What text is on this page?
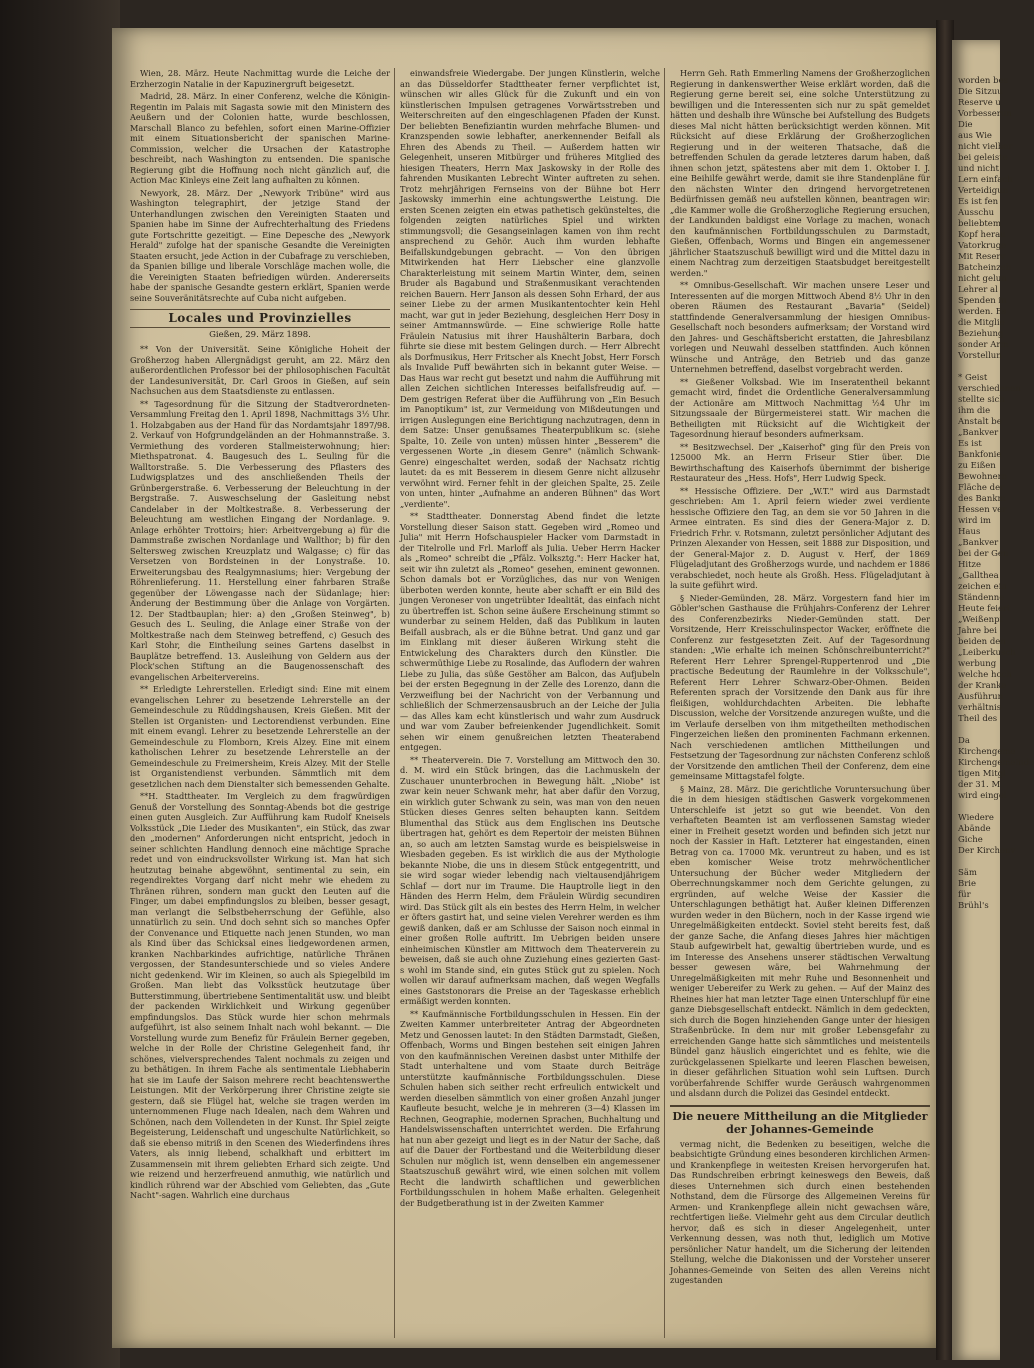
Wien, 28. März. Heute Nachmittag wurde die Leiche der Erzherzogin Natalie in der Kapuzinergruft beigesetzt.

Madrid, 28. März. In einer Conferenz, welche die Königin-Regentin im Palais mit Sagasta sowie mit den Ministern des Aeußern und der Colonien hatte, wurde beschlossen, Marschall Blanco zu befehlen, sofort einen Marine-Offizier mit einem Situationsbericht der spanischen Marine-Commission, welcher die Ursachen der Katastrophe beschreibt, nach Washington zu entsenden. Die spanische Regierung gibt die Hoffnung noch nicht gänzlich auf, die Action Mac Kinleys eine Zeit lang aufhalten zu können.

Newyork, 28. März. Der „Newyork Tribüne" wird aus Washington telegraphirt, der jetzige Stand der Unterhandlungen zwischen den Vereinigten Staaten und Spanien habe im Sinne der Aufrechterhaltung des Friedens gute Fortschritte gezeitigt. — Eine Depesche des „Newyork Herald" zufolge hat der spanische Gesandte die Vereinigten Staaten ersucht, jede Action in der Cubafrage zu verschieben, da Spanien billige und liberale Vorschläge machen wolle, die die Vereinigten Staaten befriedigen würden. Andererseits habe der spanische Gesandte gestern erklärt, Spanien werde seine Souveränitätsrechte auf Cuba nicht aufgeben.

Locales und Provinzielles
Gießen, 29. März 1898.

** Von der Universität. Seine Königliche Hoheit der Großherzog haben Allergnädigst geruht, am 22. März den außerordentlichen Professor bei der philosophischen Facultät der Landesuniversität, Dr. Carl Groos in Gießen, auf sein Nachsuchen aus dem Staatsdienste zu entlassen.

** Tagesordnung für die Sitzung der Stadtverordneten-Versammlung Freitag den 1. April 1898, Nachmittags 3½ Uhr. 1. Holzabgaben aus der Hand für das Nordamtsjahr 1897/98. 2. Verkauf von Hofgrundgeländen an der Hohmannstraße. 3. Vermiethung des vorderen Stallmeisterwohnung; hier: Miethspatronat. 4. Baugesuch des L. Seuling für die Walltorstraße. 5. Die Verbesserung des Pflasters des Ludwigsplatzes und des anschließenden Theils der Grünbergerstraße. 6. Verbesserung der Beleuchtung in der Bergstraße. 7. Ausweschselung der Gasleitung nebst Candelaber in der Moltkestraße. 8. Verbesserung der Beleuchtung am westlichen Eingang der Nordanlage. 9. Anlage erhöhter Trottoirs; hier: Arbeitvergebung a) für die Dammstraße zwischen Nordanlage und Wallthor; b) für den Seltersweg zwischen Kreuzplatz und Walgasse; c) für das Versetzen von Bordsteinen in der Lonystraße. 10. Erweiterungsbau des Realgymnasiums; hier: Vergebung der Röhrenlieferung. 11. Herstellung einer fahrbaren Straße gegenüber der Löwengasse nach der Südanlage; hier: Änderung der Bestimmung über die Anlage von Vorgärten. 12. Der Stadtbauplan; hier: a) den „Großen Steinweg", b) Gesuch des L. Seuling, die Anlage einer Straße von der Moltkestraße nach dem Steinweg betreffend, c) Gesuch des Karl Stohr, die Eintheilung seines Gartens daselbst in Bauplätze betreffend. 13. Ausleihung von Geldern aus der Plock'schen Stiftung an die Baugenossenschaft des evangelischen Arbeitervereins.

** Erledigte Lehrerstellen. Erledigt sind: Eine mit einem evangelischen Lehrer zu besetzende Lehrerstelle an der Gemeindeschule zu Rüddingshausen, Kreis Gießen. Mit der Stellen ist Organisten- und Lectorendienst verbunden. Eine mit einem evangl. Lehrer zu besetzende Lehrerstelle an der Gemeindeschule zu Flomborn, Kreis Alzey. Eine mit einem katholischen Lehrer zu besetzende Lehrerstelle an der Gemeindeschule zu Freimersheim, Kreis Alzey. Mit der Stelle ist Organistendienst verbunden. Sämmtlich mit dem gesetzlichen nach dem Dienstalter sich bemessenden Gehalte.

**H. Stadttheater. Im Vergleich zu dem fragwürdigen Genuß der Vorstellung des Sonntag-Abends bot die gestrige einen guten Ausgleich. Zur Aufführung kam Rudolf Kneisels Volksstück „Die Lieder des Musikanten", ein Stück, das zwar den „modernen" Anforderungen nicht entspricht, jedoch in seiner schlichten Handlung dennoch eine mächtige Sprache redet und von eindrucksvollster Wirkung ist. Man hat sich heutzutag beinahe abgewöhnt, sentimental zu sein, ein regendirektes Vorgang darf nicht mehr wie ehedem zu Thränen rühren, sondern man guckt den Leuten auf die Finger, um dabei empfindungslos zu bleiben, besser gesagt, man verlangt die Selbstbeherrschung der Gefühle, also unnatürlich zu sein. Und doch sehnt sich so manches Opfer der Convenance und Etiquette nach jenen Stunden, wo man als Kind über das Schicksal eines liedgewordenen armen, kranken Nachbarkindes aufrichtige, natürliche Thränen vergossen, der Standesunterschiede und so vieles Andere nicht gedenkend. Wir im Kleinen, so auch als Spiegelbild im Großen. Man liebt das Volksstück heutzutage über Butterstimmung, übertriebene Sentimentalität usw. und bleibt der packenden Wirklichkeit und Wirkung gegenüber empfindungslos. Das Stück wurde hier schon mehrmals aufgeführt, ist also seinem Inhalt nach wohl bekannt. — Die Vorstellung wurde zum Benefiz für Fräulein Berner gegeben, welche in der Rolle der Christine Gelegenheit fand, ihr schönes, vielversprechendes Talent nochmals zu zeigen und zu bethätigen. In ihrem Fache als sentimentale Liebhaberin hat sie im Laufe der Saison mehrere recht beachtenswerthe Leistungen. Mit der Verkörperung ihrer Christine zeigte sie gestern, daß sie Flügel hat, welche sie tragen werden im unternommenen Fluge nach Idealen, nach dem Wahren und Schönen, nach dem Vollendeten in der Kunst. Ihr Spiel zeigte Begeisterung, Leidenschaft und ungeschulte Natürlichkeit, so daß sie ebenso mitriß in den Scenen des Wiederfindens ihres Vaters, als innig liebend, schalkhaft und erbittert im Zusammensein mit ihrem geliebten Erhard sich zeigte. Und wie reizend und herzerfreuend anmuthig, wie natürlich und kindlich rührend war der Abschied vom Geliebten, das „Gute Nacht"-sagen. Wahrlich eine durchaus

einwandsfreie Wiedergabe. Der jungen Künstlerin, welche an das Düsseldorfer Stadttheater ferner verpflichtet ist, wünschen wir alles Glück für die Zukunft und ein von künstlerischen Impulsen getragenes Vorwärtsstreben und Weiterschreiten auf den eingeschlagenen Pfaden der Kunst. Der beliebten Benefiziantin wurden mehrfache Blumen- und Kranzspenden sowie lebhafter, anerkennender Beifall als Ehren des Abends zu Theil. — Außerdem hatten wir Gelegenheit, unseren Mitbürger und früheres Mitglied des hiesigen Theaters, Herrn Max Jaskowsky in der Rolle des fahrenden Musikanten Lebrecht Winter auftreten zu sehen. Trotz mehrjährigen Fernseins von der Bühne bot Herr Jaskowsky immerhin eine achtungswerthe Leistung. Die ersten Scenen zeigten ein etwas pathetisch gekünsteltes, die folgenden zeigten natürliches Spiel und wirkten stimmungsvoll; die Gesangseinlagen kamen von ihm recht ansprechend zu Gehör. Auch ihm wurden lebhafte Beifallskundgebungen gebracht. — Von den übrigen Mitwirkenden hat Herr Liebscher eine glanzvolle Charakterleistung mit seinem Martin Winter, dem, seinen Bruder als Bagabund und Straßenmusikant verachtenden reichen Bauern. Herr Janson als dessen Sohn Erhard, der aus seiner Liebe zu der armen Musikantentochter kein Hehl macht, war gut in jeder Beziehung, desgleichen Herr Dosy in seiner Amtmannswürde. — Eine schwierige Rolle hatte Fräulein Natusius mit ihrer Haushälterin Barbara, doch führte sie diese mit bestem Gelingen durch. — Herr Albrecht als Dorfmusikus, Herr Fritscher als Knecht Jobst, Herr Forsch als Invalide Puff bewährten sich in bekannt guter Weise. — Das Haus war recht gut besetzt und nahm die Aufführung mit allen Zeichen sichtlichen Interesses beifallsfreudig auf. — Dem gestrigen Referat über die Aufführung von „Ein Besuch im Panoptikum" ist, zur Vermeidung von Mißdeutungen und irrigen Auslegungen eine Berichtigung nachzutragen, denn in dem Satze: Unser genußsames Theaterpublikum sc. (siehe Spalte, 10. Zeile von unten) müssen hinter „Besserem" die vergessenen Worte „in diesem Genre" (nämlich Schwank-Genre) eingeschaltet werden, sodaß der Nachsatz richtig lautet: da es mit Besserem in diesem Genre nicht allzusehr verwöhnt wird. Ferner fehlt in der gleichen Spalte, 25. Zeile von unten, hinter „Aufnahme an anderen Bühnen" das Wort „verdiente".

** Stadttheater. Donnerstag Abend findet die letzte Vorstellung dieser Saison statt. Gegeben wird „Romeo und Julia" mit Herrn Hofschauspieler Hacker vom Darmstadt in der Titelrolle und Frl. Marloff als Julia. Ueber Herrn Hacker als „Romeo" schreibt die „Pfälz. Volksztg.": Herr Hacker hat, seit wir ihn zuletzt als „Romeo" gesehen, eminent gewonnen. Schon damals bot er Vorzügliches, das nur von Wenigen überboten werden konnte, heute aber schafft er ein Bild des jungen Veroneser von ungetrübter Idealität, das einfach nicht zu übertreffen ist. Schon seine äußere Erscheinung stimmt so wunderbar zu seinem Helden, daß das Publikum in lauten Beifall ausbrach, als er die Bühne betrat. Und ganz und gar im Einklang mit dieser äußeren Wirkung steht die Entwickelung des Charakters durch den Künstler. Die schwermüthige Liebe zu Rosalinde, das Auflodern der wahren Liebe zu Julia, das süße Gestöher am Balcon, das Aufjubeln bei der ersten Begegnung in der Zelle des Lorenzo, dann die Verzweiflung bei der Nachricht von der Verbannung und schließlich der Schmerzensausbruch an der Leiche der Julia — das Alles kam echt künstlerisch und wahr zum Ausdruck und war vom Zauber befreienkender Jugendlichkeit. Somit sehen wir einem genußreichen letzten Theaterabend entgegen.

** Theaterverein. Die 7. Vorstellung am Mittwoch den 30. d. M. wird ein Stück bringen, das die Lachmuskeln der Zuschauer ununterbrochen in Bewegung hält. „Niobe" ist zwar kein neuer Schwank mehr, hat aber dafür den Vorzug, ein wirklich guter Schwank zu sein, was man von den neuen Stücken dieses Genres selten behaupten kann. Seitdem Blumenthal das Stück aus dem Englischen ins Deutsche übertragen hat, gehört es dem Repertoir der meisten Bühnen an, so auch am letzten Samstag wurde es beispielsweise in Wiesbaden gegeben. Es ist wirklich die aus der Mythologie bekannte Niobe, die uns in diesem Stück entgegentritt, und sie wird sogar wieder lebendig nach vieltausendjährigem Schlaf — dort nur im Traume. Die Hauptrolle liegt in den Händen des Herrn Helm, dem Fräulein Würdig secundiren wird. Das Stück gilt als ein bestes des Herrn Helm, in welcher er öfters gastirt hat, und seine vielen Verehrer werden es ihm gewiß danken, daß er am Schlusse der Saison noch einmal in einer großen Rolle auftritt. Im Uebrigen beiden unsere einheimischen Künstler am Mittwoch dem Theaterverein zu beweisen, daß sie auch ohne Zuziehung eines gezierten Gast-s wohl im Stande sind, ein gutes Stück gut zu spielen. Noch wollen wir darauf aufmerksam machen, daß wegen Wegfalls eines Gaststonorars die Preise an der Tageskasse erheblich ermäßigt werden konnten.

** Kaufmännische Fortbildungsschulen in Hessen. Ein der Zweiten Kammer unterbreiteter Antrag der Abgeordneten Metz und Genossen lautet: In den Städten Darmstadt, Gießen, Offenbach, Worms und Bingen bestehen seit einigen Jahren von den kaufmännischen Vereinen dasbst unter Mithilfe der Stadt unterhaltene und vom Staate durch Beiträge unterstützte kaufmännische Fortbildungsschulen. Diese Schulen haben sich seither recht erfreulich entwickelt und werden dieselben sämmtlich von einer großen Anzahl junger Kaufleute besucht, welche je in mehreren (3—4) Klassen im Rechnen, Geographie, modernen Sprachen, Buchhaltung und Handelswissenschaften unterrichtet werden. Die Erfahrung hat nun aber gezeigt und liegt es in der Natur der Sache, daß auf die Dauer der Fortbestand und die Weiterbildung dieser Schulen nur möglich ist, wenn denselben ein angemessener Staatszuschuß gewährt wird, wie einen solchen mit vollem Recht die landwirth schaftlichen und gewerblichen Fortbildungsschulen in hohem Maße erhalten. Gelegenheit der Budgetberathung ist in der Zweiten Kammer

Herrn Geh. Rath Emmerling Namens der Großherzoglichen Regierung in dankenswerther Weise erklärt worden, daß die Regierung gerne bereit sei, eine solche Unterstützung zu bewilligen und die Interessenten sich nur zu spät gemeldet hätten und deshalb ihre Wünsche bei Aufstellung des Budgets dieses Mal nicht hätten berücksichtigt werden können. Mit Rücksicht auf diese Erklärung der Großherzoglichen Regierung und in der weiteren Thatsache, daß die betreffenden Schulen da gerade letzteres darum haben, daß ihnen schon jetzt, spätestens aber mit dem 1. Oktober I. J. eine Beihilfe gewährt werde, damit sie ihre Standenpläne für den nächsten Winter den dringend hervorgetretenen Bedürfnissen gemäß neu aufstellen können, beantragen wir: „die Kammer wolle die Großherzogliche Regierung ersuchen, der Landkunden baldigst eine Vorlage zu machen, wonach den kaufmännischen Fortbildungsschulen zu Darmstadt, Gießen, Offenbach, Worms und Bingen ein angemessener jährlicher Staatszuschuß bewilligt wird und die Mittel dazu in einem Nachtrag zum derzeitigen Staatsbudget bereitgestellt werden."

** Omnibus-Gesellschaft. Wir machen unsere Leser und Interessenten auf die morgen Mittwoch Abend 8½ Uhr in den oberen Räumen des Restaurant „Bavaria" (Seidel) stattfindende Generalversammlung der hiesigen Omnibus-Gesellschaft noch besonders aufmerksam; der Vorstand wird den Jahres- und Geschäftsbericht erstatten, die Jahresbilanz vorlegen und Neuwahl desselben stattfinden. Auch können Wünsche und Anträge, den Betrieb und das ganze Unternehmen betreffend, daselbst vorgebracht werden.

** Gießener Volksbad. Wie im Inseratentheil bekannt gemacht wird, findet die Ordentliche Generalversammlung der Actionäre am Mittwoch Nachmittag ½4 Uhr im Sitzungssaale der Bürgermeisterei statt. Wir machen die Betheiligten mit Rücksicht auf die Wichtigkeit der Tagesordnung hierauf besonders aufmerksam.

** Besitzwechsel. Der „Kaiserhof" ging für den Preis von 125000 Mk. an Herrn Friseur Stier über. Die Bewirthschaftung des Kaiserhofs übernimmt der bisherige Restaurateur des „Hess. Hofs", Herr Ludwig Speck.

** Hessische Offiziere. Der „W.T." wird aus Darmstadt geschrieben: Am 1. April feiern wieder zwei verdiente hessische Offiziere den Tag, an dem sie vor 50 Jahren in die Armee eintraten. Es sind dies der Genera-Major z. D. Friedrich Frhr. v. Rotsmann, zuletzt persönlicher Adjutant des Prinzen Alexander von Hessen, seit 1888 zur Disposition, und der General-Major z. D. August v. Herf, der 1869 Flügeladjutant des Großherzogs wurde, und nachdem er 1886 verabschiedet, noch heute als Großh. Hess. Flügeladjutant à la suite geführt wird.

§ Nieder-Gemünden, 28. März. Vorgestern fand hier im Göbler'schen Gasthause die Frühjahrs-Conferenz der Lehrer des Conferenzbezirks Nieder-Gemünden statt. Der Vorsitzende, Herr Kreisschulinspector Wacker, eröffnete die Conferenz zur festgesetzten Zeit. Auf der Tagesordnung standen: „Wie erhalte ich meinen Schönschreibunterricht?" Referent Herr Lehrer Sprengel-Ruppertenrod und „Die practische Bedeutung der Raumlehre in der Volksschule", Referent Herr Lehrer Schwarz-Ober-Ohmen. Beiden Referenten sprach der Vorsitzende den Dank aus für ihre fleißigen, wohldurchdachten Arbeiten. Die lebhafte Discussion, welche der Vorsitzende anzuregen wußte, und die im Verlaufe derselben von ihm mitgetheilten methodischen Fingerzeichen ließen den prominenten Fachmann erkennen. Nach verschiedenen amtlichen Mittheilungen und Festsetzung der Tagesordnung zur nächsten Conferenz schloß der Vorsitzende den amtlichen Theil der Conferenz, dem eine gemeinsame Mittagstafel folgte.

§ Mainz, 28. März. Die gerichtliche Voruntersuchung über die in dem hiesigen städtischen Gaswerk vorgekommenen Unterschleife ist jetzt so gut wie beendet. Von den verhafteten Beamten ist am verflossenen Samstag wieder einer in Freiheit gesetzt worden und befinden sich jetzt nur noch der Kassier in Haft. Letzterer hat eingestanden, einen Betrag von ca. 17000 Mk. veruntreut zu haben, und es ist eben komischer Weise trotz mehrwöchentlicher Untersuchung der Bücher weder Mitgliedern der Oberrechnungskammer noch dem Gerichte gelungen, zu ergründen, auf welche Weise der Kassier die Unterschlagungen bethätigt hat. Außer kleinen Differenzen wurden weder in den Büchern, noch in der Kasse irgend wie Unregelmäßigkeiten entdeckt. Soviel steht bereits fest, daß der ganze Sache, die Anfang dieses Jahres hier mächtigen Staub aufgewirbelt hat, gewaltig übertrieben wurde, und es im Interesse des Ansehens unserer städtischen Verwaltung besser gewesen wäre, bei Wahrnehmung der Unregelmäßigkeiten mit mehr Ruhe und Besonnenheit und weniger Uebereifer zu Werk zu gehen. — Auf der Mainz des Rheines hier hat man letzter Tage einen Unterschlupf für eine ganze Diebsgesellschaft entdeckt. Nämlich in dem gedeckten, sich durch die Bogen hinziehenden Gange unter der hiesigen Straßenbrücke. In dem nur mit großer Lebensgefahr zu erreichenden Gange hatte sich sämmtliches und meistenteils Bündel ganz häuslich eingerichtet und es fehlte, wie die zurückgelassenen Spielkarte und leeren Flaschen beweisen, in dieser gefährlichen Situation wohl sein Luftsen. Durch vorüberfahrende Schiffer wurde Geräusch wahrgenommen und alsdann durch die Polizei das Gesindel entdeckt.

Die neuere Mittheilung an die Mitglieder
der Johannes-Gemeinde

vermag nicht, die Bedenken zu beseitigen, welche die beabsichtigte Gründung eines besonderen kirchlichen Armen- und Krankenpflege in weitesten Kreisen hervorgerufen hat. Das Rundschreiben erbringt keineswegs den Beweis, daß dieses Unternehmen sich durch einen bestehenden Nothstand, dem die Fürsorge des Allgemeinen Vereins für Armen- und Krankenpflege allein nicht gewachsen wäre, rechtfertigen ließe. Vielmehr geht aus dem Circular deutlich hervor, daß es sich in dieser Angelegenheit, unter Verkennung dessen, was noth thut, lediglich um Motive persönlicher Natur handelt, um die Sicherung der leitenden Stellung, welche die Diakonissen und der Vorsteher unserer Johannes-Gemeinde von Seiten des allen Vereins nicht zugestanden

worden bes
Die Sitzuu
Reserve u
Vorbesserun
Die
aus Wie
nicht vielber
bei geleiste
und nicht
Lern einfach
Verteidigun
Es ist fen
Ausschu
beliebtem
Kopf herau
Vatorkruge
Mit Reserv
Batcheinzeh
nicht gelun
Lehrer al
Spenden in
werden. Es
die Mitglie
Beziehung
sonder Arm
Vorstellun

* Geist
verschiedenen
stellte sich
ihm die
Anstalt be
„Bankver
Es ist
Bankfonie
zu Eißen
Bewohnern
Fläche der
des Bankm
Hessen ver
wird im
Haus
„Bankver
bei der Gen
Hitze
„Gallthea
zeichen ein
Ständenne
Heute feiert
„Weißenpf
Jahre bei
beiden den
„Leiberkusch
werbung
welche hoch
der Kranke
Ausführun
verhältnis
Theil des

Da
Kirchengeme
Kirchengemeinde
tigen Mitgl
der 31. M
wird eingel

Wiedere
Abände
Giche
Der Kirchenv

Säm
Brie
für
Brühl's
